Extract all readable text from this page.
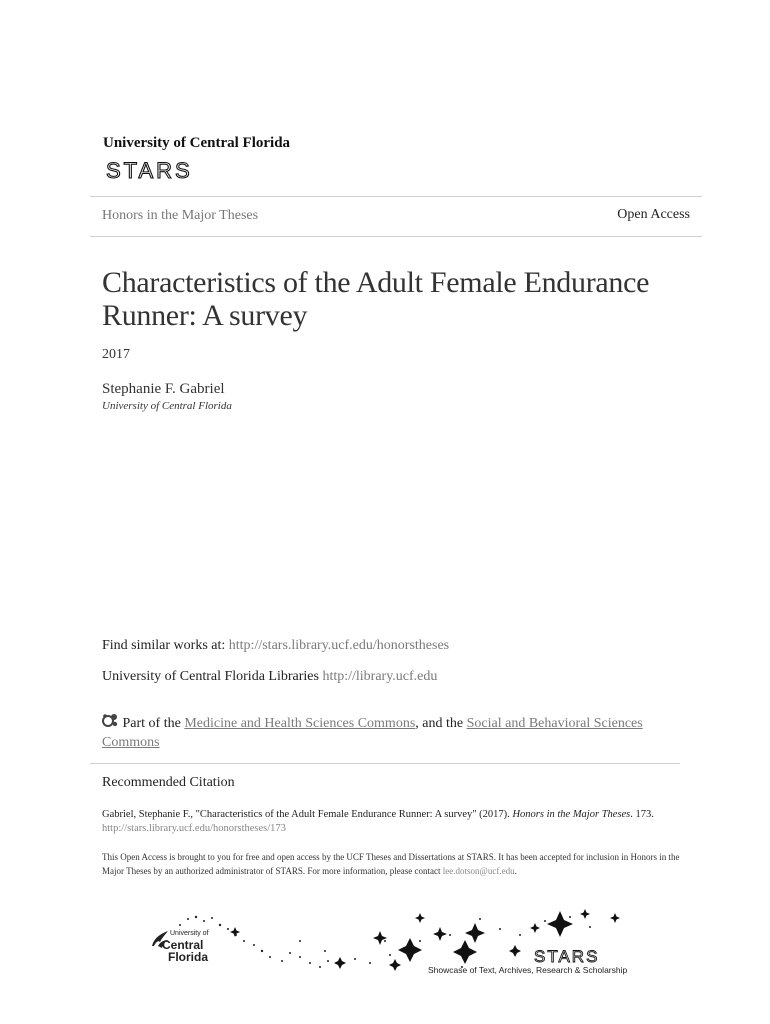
University of Central Florida
STARS
Honors in the Major Theses	Open Access
Characteristics of the Adult Female Endurance Runner: A survey
2017
Stephanie F. Gabriel
University of Central Florida
Find similar works at: http://stars.library.ucf.edu/honorstheses
University of Central Florida Libraries http://library.ucf.edu
Part of the Medicine and Health Sciences Commons, and the Social and Behavioral Sciences Commons
Recommended Citation
Gabriel, Stephanie F., "Characteristics of the Adult Female Endurance Runner: A survey" (2017). Honors in the Major Theses. 173.
http://stars.library.ucf.edu/honorstheses/173
This Open Access is brought to you for free and open access by the UCF Theses and Dissertations at STARS. It has been accepted for inclusion in Honors in the Major Theses by an authorized administrator of STARS. For more information, please contact lee.dotson@ucf.edu.
University of
Central
Florida	STARS
Showcase of Text, Archives, Research & Scholarship
